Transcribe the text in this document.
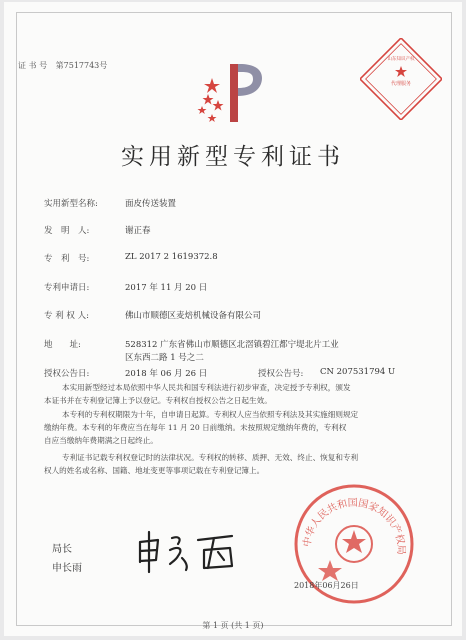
证 书 号 第7517743号
代理服务
山东知识产权
实用新型专利证书
实用新型名称:	面皮传送装置
发　明　人:	谢正春
专　利　号:	ZL 2017 2 1619372.8
专利申请日:	2017 年 11 月 20 日
专 利 权 人:	佛山市顺德区麦焙机械设备有限公司
地　　址:	528312 广东省佛山市顺德区北滘镇碧江都宁堤北片工业
区东西二路 1 号之二
授权公告日:	2018 年 06 月 26 日	授权公告号: CN 207531794 U
本实用新型经过本局依照中华人民共和国专利法进行初步审查，决定授予专利权，颁发
本证书并在专利登记簿上予以登记。专利权自授权公告之日起生效。
本专利的专利权期限为十年，自申请日起算。专利权人应当依照专利法及其实施细则规定
缴纳年费。本专利的年费应当在每年 11 月 20 日前缴纳。未按照规定缴纳年费的，专利权
自应当缴纳年费期满之日起终止。
专利证书记载专利权登记时的法律状况。专利权的转移、质押、无效、终止、恢复和专利
权人的姓名或名称、国籍、地址变更等事项记载在专利登记簿上。
局长
申长雨
中华人民共和国国家知识产权局
2018年06月26日
第 1 页 (共 1 页)
